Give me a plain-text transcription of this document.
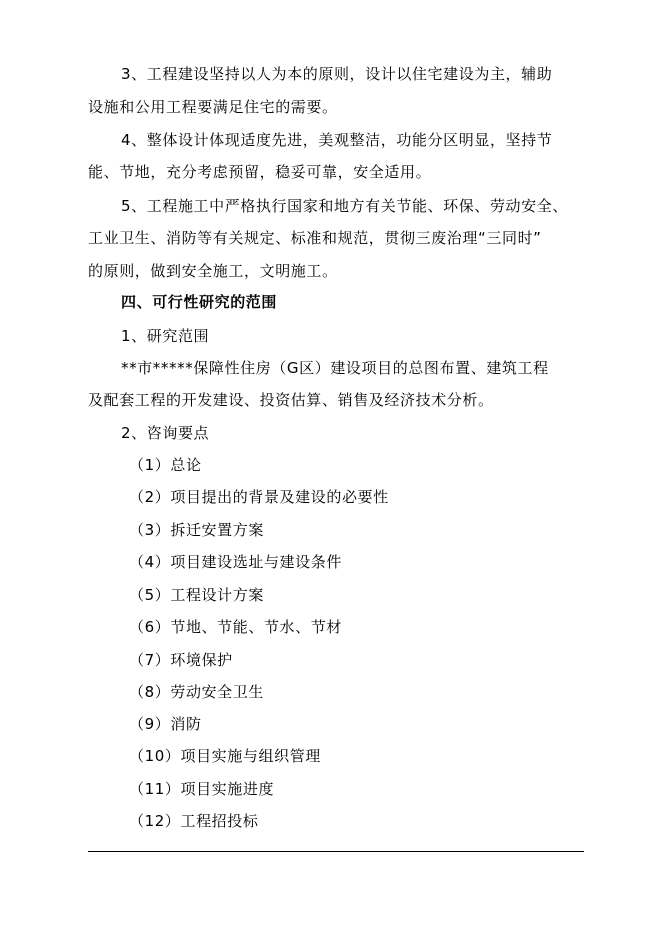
3、工程建设坚持以人为本的原则，设计以住宅建设为主，辅助
设施和公用工程要满足住宅的需要。
4、整体设计体现适度先进，美观整洁，功能分区明显，坚持节
能、节地，充分考虑预留，稳妥可靠，安全适用。
5、工程施工中严格执行国家和地方有关节能、环保、劳动安全、
工业卫生、消防等有关规定、标准和规范，贯彻三废治理“三同时”
的原则，做到安全施工，文明施工。
四、可行性研究的范围
1、研究范围
**市*****保障性住房（G区）建设项目的总图布置、建筑工程
及配套工程的开发建设、投资估算、销售及经济技术分析。
2、咨询要点
（1）总论
（2）项目提出的背景及建设的必要性
（3）拆迁安置方案
（4）项目建设选址与建设条件
（5）工程设计方案
（6）节地、节能、节水、节材
（7）环境保护
（8）劳动安全卫生
（9）消防
（10）项目实施与组织管理
（11）项目实施进度
（12）工程招投标
